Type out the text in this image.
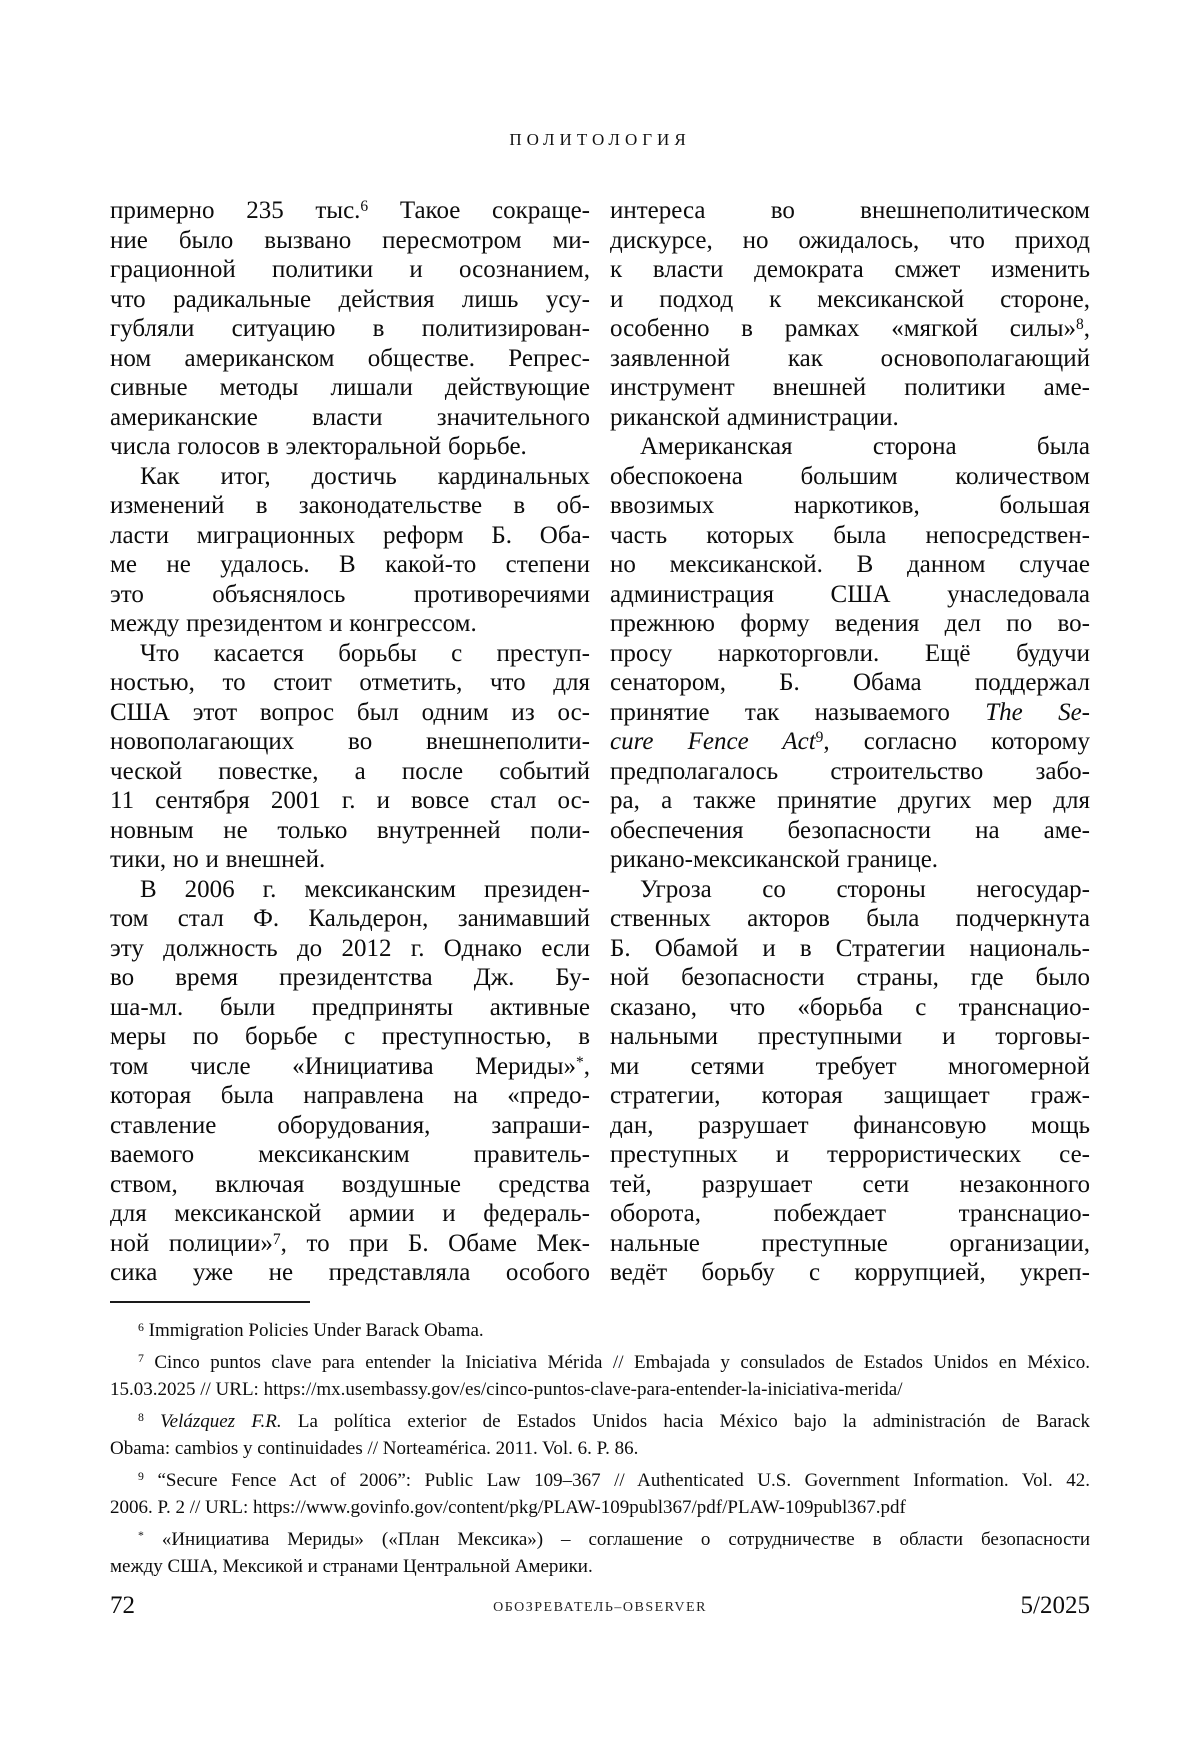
ПОЛИТОЛОГИЯ
примерно 235 тыс.$^6$ Такое сокраще-
ние было вызвано пересмотром ми-
грационной политики и осознанием,
что радикальные действия лишь усу-
губляли ситуацию в политизирован-
ном американском обществе. Репрес-
сивные методы лишали действующие
американские власти значительного
числа голосов в электоральной борьбе.
Как итог, достичь кардинальных
изменений в законодательстве в об-
ласти миграционных реформ Б. Оба-
ме не удалось. В какой-то степени
это объяснялось противоречиями
между президентом и конгрессом.
Что касается борьбы с преступ-
ностью, то стоит отметить, что для
США этот вопрос был одним из ос-
новополагающих во внешнеполити-
ческой повестке, а после событий
11 сентября 2001 г. и вовсе стал ос-
новным не только внутренней поли-
тики, но и внешней.
В 2006 г. мексиканским президен-
том стал Ф. Кальдерон, занимавший
эту должность до 2012 г. Однако если
во время президентства Дж. Бу-
ша-мл. были предприняты активные
меры по борьбе с преступностью, в
том числе «Инициатива Мериды»*,
которая была направлена на «предо-
ставление оборудования, запраши-
ваемого мексиканским правитель-
ством, включая воздушные средства
для мексиканской армии и федераль-
ной полиции»$^7$, то при Б. Обаме Мек-
сика уже не представляла особого
интереса во внешнеполитическом
дискурсе, но ожидалось, что приход
к власти демократа смжет изменить
и подход к мексиканской стороне,
особенно в рамках «мягкой силы»$^8$,
заявленной как основополагающий
инструмент внешней политики аме-
риканской администрации.
Американская сторона была
обеспокоена большим количеством
ввозимых наркотиков, большая
часть которых была непосредствен-
но мексиканской. В данном случае
администрация США унаследовала
прежнюю форму ведения дел по во-
просу наркоторговли. Ещё будучи
сенатором, Б. Обама поддержал
принятие так называемого The Se-
cure Fence Act$^9$, согласно которому
предполагалось строительство забо-
ра, а также принятие других мер для
обеспечения безопасности на аме-
рикано-мексиканской границе.
Угроза со стороны негосудар-
ственных акторов была подчеркнута
Б. Обамой и в Стратегии националь-
ной безопасности страны, где было
сказано, что «борьба с транснацио-
нальными преступными и торговы-
ми сетями требует многомерной
стратегии, которая защищает граж-
дан, разрушает финансовую мощь
преступных и террористических се-
тей, разрушает сети незаконного
оборота, побеждает транснацио-
нальные преступные организации,
ведёт борьбу с коррупцией, укреп-
$^6$ Immigration Policies Under Barack Obama.
$^7$ Cinco puntos clave para entender la Iniciativa Mérida // Embajada y consulados de Estados Unidos en México.
15.03.2025 // URL: https://mx.usembassy.gov/es/cinco-puntos-clave-para-entender-la-iniciativa-merida/
$^8$ Velázquez F.R. La política exterior de Estados Unidos hacia México bajo la administración de Barack
Obama: cambios y continuidades // Norteamérica. 2011. Vol. 6. P. 86.
$^9$ “Secure Fence Act of 2006”: Public Law 109–367 // Authenticated U.S. Government Information. Vol. 42.
2006. P. 2 // URL: https://www.govinfo.gov/content/pkg/PLAW-109publ367/pdf/PLAW-109publ367.pdf
* «Инициатива Мериды» («План Мексика») – соглашение о сотрудничестве в области безопасности
между США, Мексикой и странами Центральной Америки.
72	ОБОЗРЕВАТЕЛЬ–OBSERVER	5/2025
